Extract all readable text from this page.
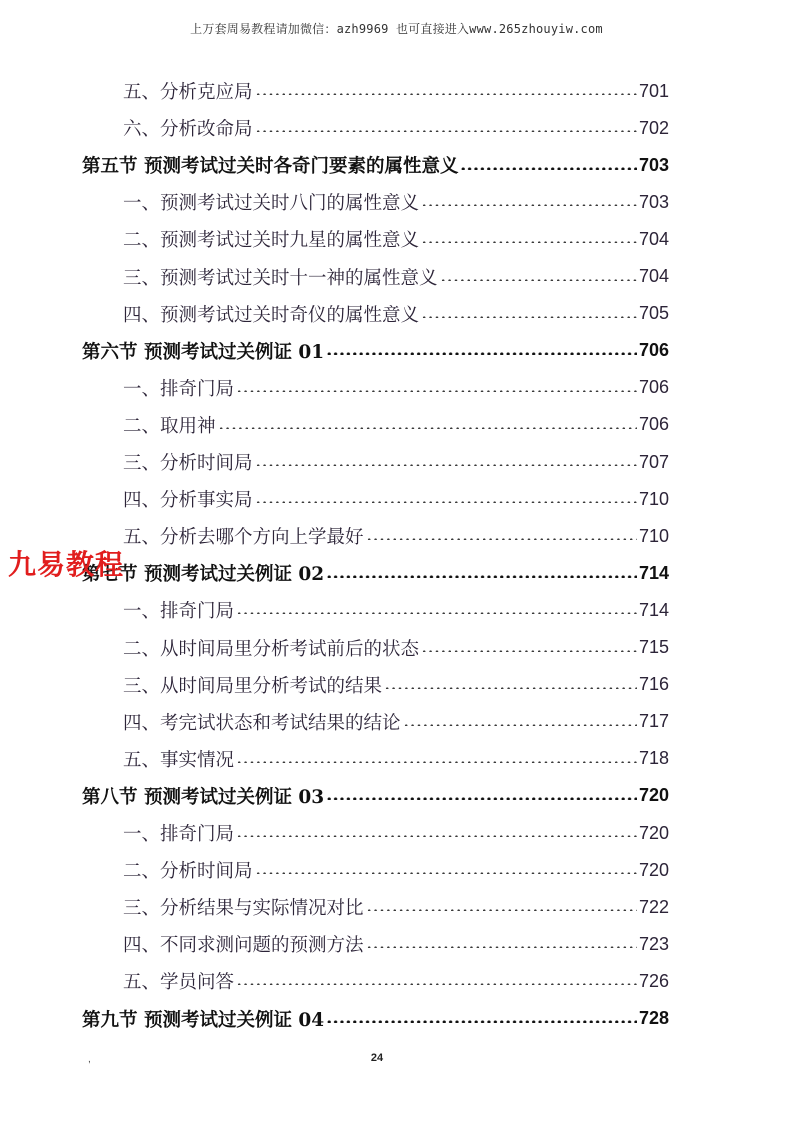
上万套周易教程请加微信：azh9969 也可直接进入www.265zhouyiw.com
五、分析克应局	701
六、分析改命局	702
第五节 预测考试过关时各奇门要素的属性意义	703
一、预测考试过关时八门的属性意义	703
二、预测考试过关时九星的属性意义	704
三、预测考试过关时十一神的属性意义	704
四、预测考试过关时奇仪的属性意义	705
第六节 预测考试过关例证 01	706
一、排奇门局	706
二、取用神	706
三、分析时间局	707
四、分析事实局	710
五、分析去哪个方向上学最好	710
第七节 预测考试过关例证 02	714
一、排奇门局	714
二、从时间局里分析考试前后的状态	715
三、从时间局里分析考试的结果	716
四、考完试状态和考试结果的结论	717
五、事实情况	718
第八节 预测考试过关例证 03	720
一、排奇门局	720
二、分析时间局	720
三、分析结果与实际情况对比	722
四、不同求测问题的预测方法	723
五、学员问答	726
第九节 预测考试过关例证 04	728
九易教程
,	24
